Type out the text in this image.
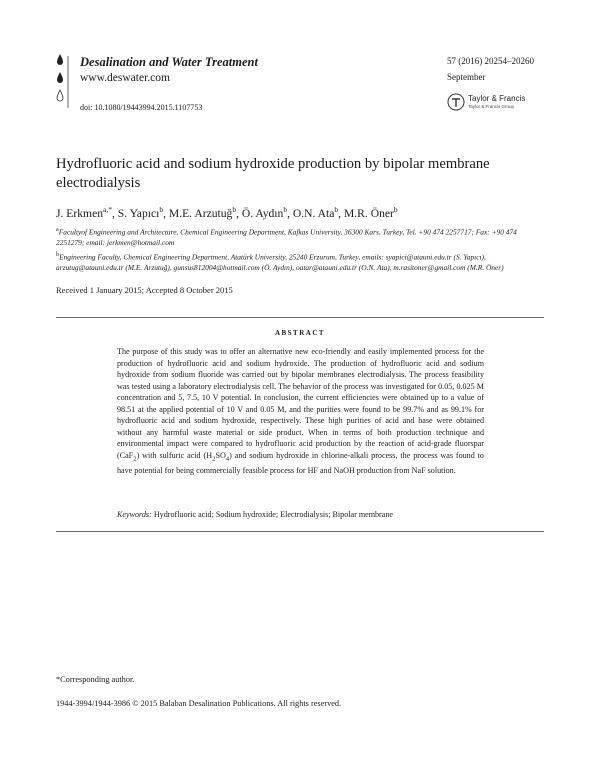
Desalination and Water Treatment
www.deswater.com
doi: 10.1080/19443994.2015.1107753
57 (2016) 20254–20260
September
Taylor & Francis
Taylor & Francis Group
Hydrofluoric acid and sodium hydroxide production by bipolar membrane electrodialysis
J. Erkmen$^{a,*}$, S. Yapıcı$^b$, M.E. Arzutuğ$^b$, Ö. Aydın$^b$, O.N. Ata$^b$, M.R. Öner$^b$
$^a$Facultyof Engineering and Architecture, Chemical Engineering Department, Kafkas University, 36300 Kars, Turkey, Tel. +90 474 2257717; Fax: +90 474 2251279; email: jerkmen@hotmail.com
$^b$Engineering Faculty, Chemical Engineering Department, Atatürk University, 25240 Erzurum, Turkey, emails: syapici@atauni.edu.tr (S. Yapıcı), arzutug@atauni.edu.tr (M.E. Arzutuğ), gunsus812004@hotmail.com (Ö. Aydın), oatar@atauni.edu.tr (O.N. Ata), m.rasitoner@gmail.com (M.R. Öner)
Received 1 January 2015; Accepted 8 October 2015
ABSTRACT
The purpose of this study was to offer an alternative new eco-friendly and easily implemented process for the production of hydrofluoric acid and sodium hydroxide. The production of hydrofluoric acid and sodium hydroxide from sodium fluoride was carried out by bipolar membranes electrodialysis. The process feasibility was tested using a laboratory electrodialysis cell. The behavior of the process was investigated for 0.05, 0.025 M concentration and 5, 7.5, 10 V potential. In conclusion, the current efficiencies were obtained up to a value of 98.51 at the applied potential of 10 V and 0.05 M, and the purities were found to be 99.7% and as 99.1% for hydrofluoric acid and sodium hydroxide, respectively. These high purities of acid and base were obtained without any harmful waste material or side product. When in terms of both production technique and environmental impact were compared to hydrofluoric acid production by the reaction of acid-grade fluorspar (CaF$_2$) with sulfuric acid $(H_2SO_4)$ and sodium hydroxide in chlorine-alkali process, the process was found to have potential for being commercially feasible process for HF and NaOH production from NaF solution.
Keywords: Hydrofluoric acid; Sodium hydroxide; Electrodialysis; Bipolar membrane
*Corresponding author.
1944-3994/1944-3986 © 2015 Balaban Desalination Publications. All rights reserved.
